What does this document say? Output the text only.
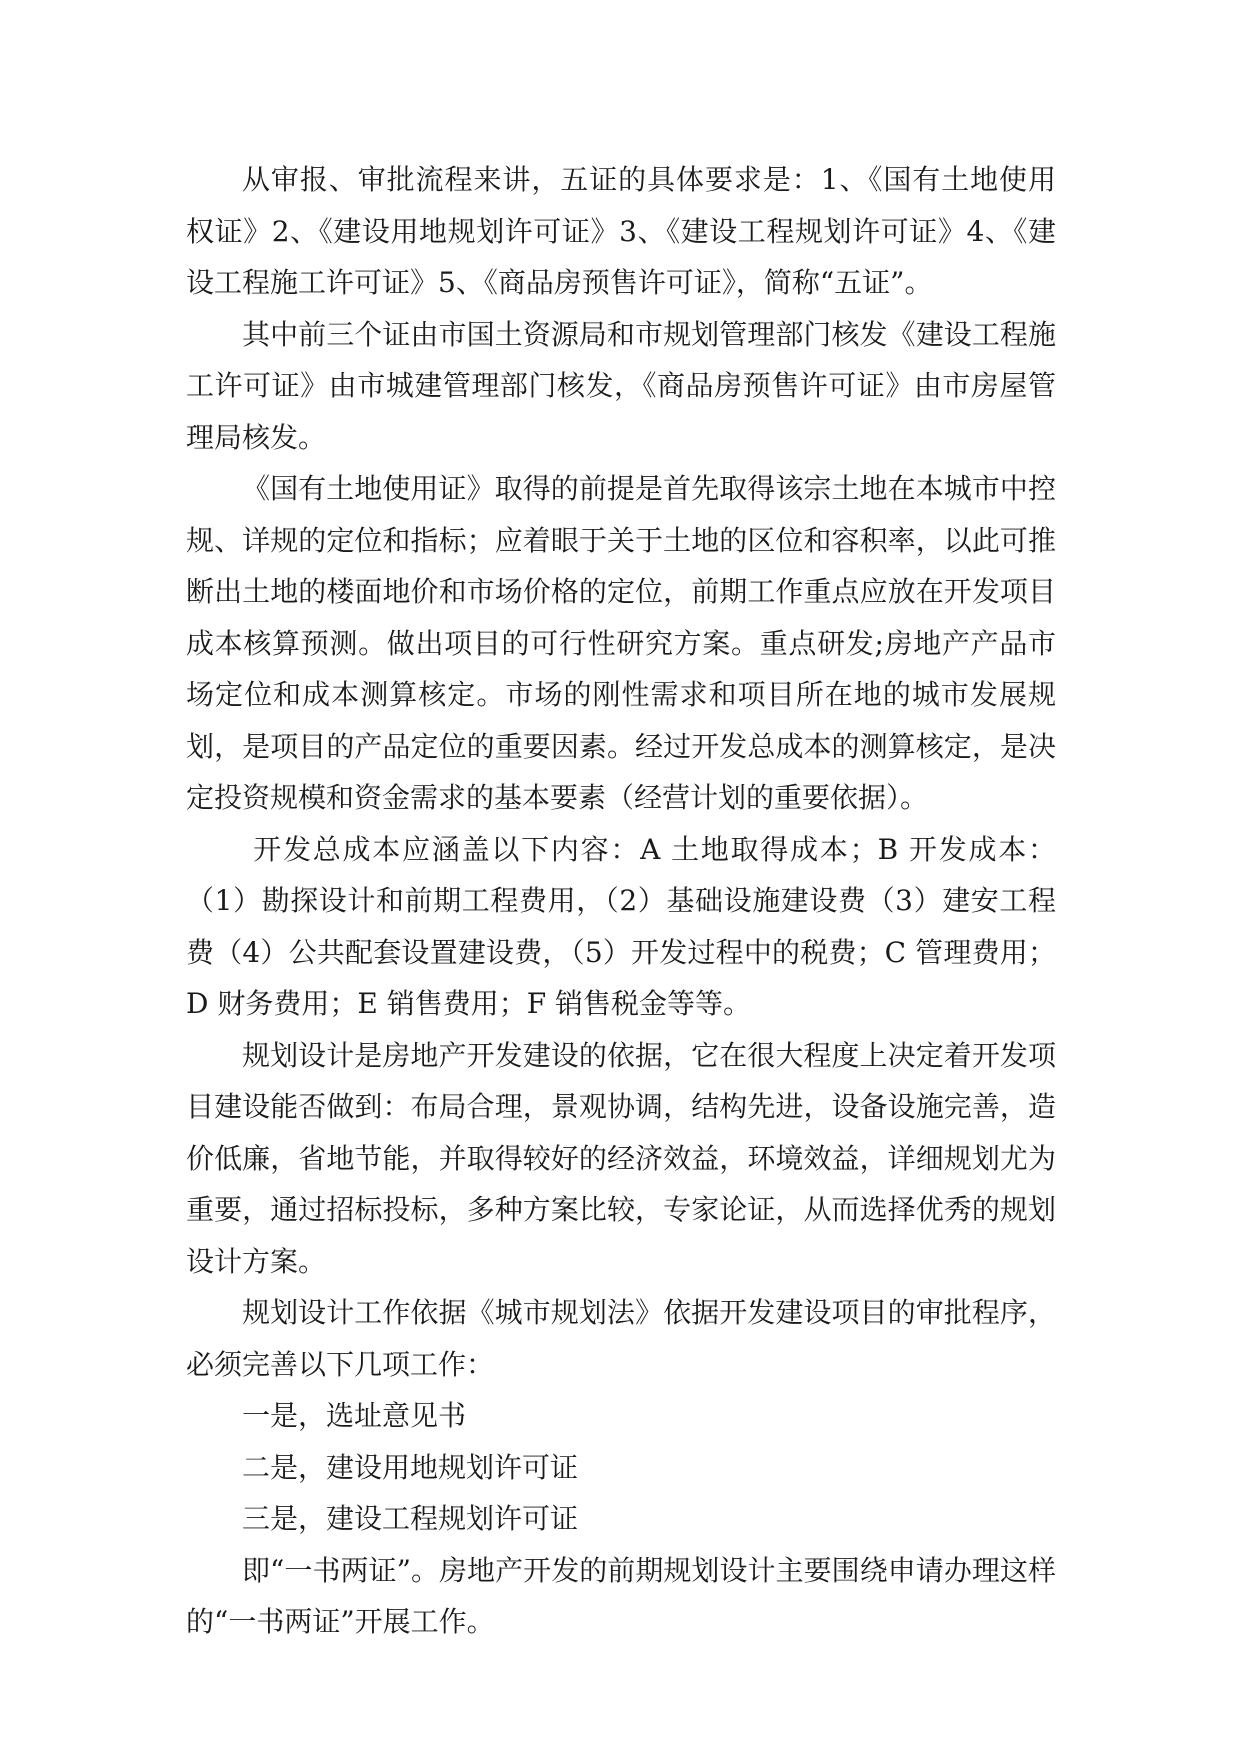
从审报、审批流程来讲，五证的具体要求是：1、《国有土地使用权证》2、《建设用地规划许可证》3、《建设工程规划许可证》4、《建设工程施工许可证》5、《商品房预售许可证》，简称“五证”。

其中前三个证由市国土资源局和市规划管理部门核发《建设工程施工许可证》由市城建管理部门核发，《商品房预售许可证》由市房屋管理局核发。

《国有土地使用证》取得的前提是首先取得该宗土地在本城市中控规、详规的定位和指标；应着眼于关于土地的区位和容积率，以此可推断出土地的楼面地价和市场价格的定位，前期工作重点应放在开发项目成本核算预测。做出项目的可行性研究方案。重点研发;房地产产品市场定位和成本测算核定。市场的刚性需求和项目所在地的城市发展规划，是项目的产品定位的重要因素。经过开发总成本的测算核定，是决定投资规模和资金需求的基本要素（经营计划的重要依据）。

开发总成本应涵盖以下内容：A 土地取得成本；B 开发成本：（1）勘探设计和前期工程费用，（2）基础设施建设费（3）建安工程费（4）公共配套设置建设费，（5）开发过程中的税费；C 管理费用；D 财务费用；E 销售费用；F 销售税金等等。

规划设计是房地产开发建设的依据，它在很大程度上决定着开发项目建设能否做到：布局合理，景观协调，结构先进，设备设施完善，造价低廉，省地节能，并取得较好的经济效益，环境效益，详细规划尤为重要，通过招标投标，多种方案比较，专家论证，从而选择优秀的规划设计方案。

规划设计工作依据《城市规划法》依据开发建设项目的审批程序，必须完善以下几项工作：

一是，选址意见书

二是，建设用地规划许可证

三是，建设工程规划许可证

即“一书两证”。房地产开发的前期规划设计主要围绕申请办理这样的“一书两证”开展工作。
